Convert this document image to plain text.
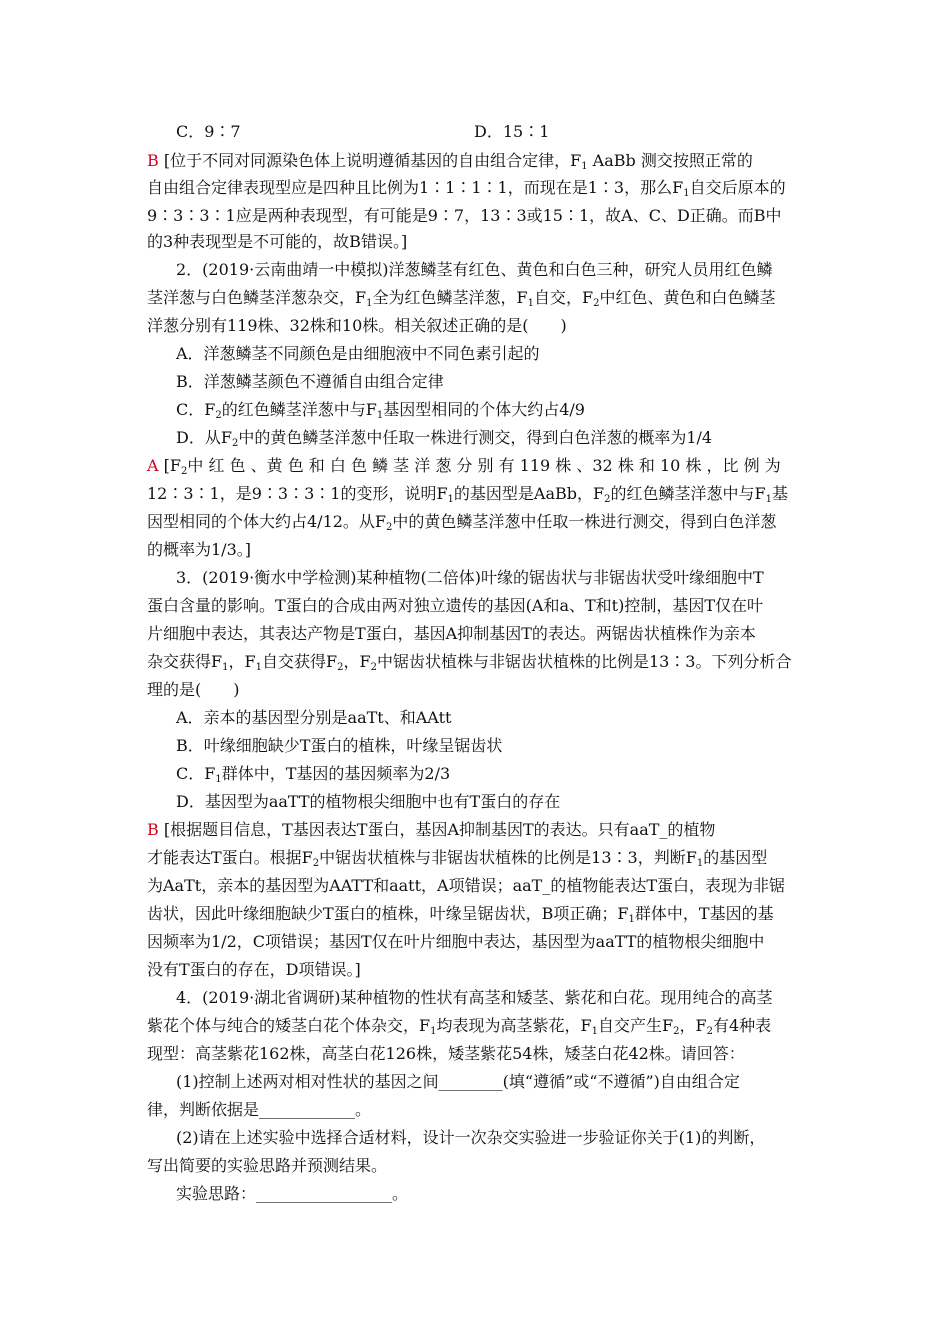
C．9∶7
B [位于不同对同源染色体上说明遵循基因的自由组合定律，$F_1$ AaBb 测交按照正常的
自由组合定律表现型应是四种且比例为1∶1∶1∶1，而现在是1∶3，那么$F_1$自交后原本的
9∶3∶3∶1应是两种表现型，有可能是9∶7，13∶3或15∶1，故A、C、D正确。而B中
的3种表现型是不可能的，故B错误。]
2．(2019·云南曲靖一中模拟)洋葱鳞茎有红色、黄色和白色三种，研究人员用红色鳞
茎洋葱与白色鳞茎洋葱杂交，$F_1$全为红色鳞茎洋葱，$F_1$自交，$F_2$中红色、黄色和白色鳞茎
洋葱分别有119株、32株和10株。相关叙述正确的是(　　)
A．洋葱鳞茎不同颜色是由细胞液中不同色素引起的
B．洋葱鳞茎颜色不遵循自由组合定律
C．$F_2$的红色鳞茎洋葱中与$F_1$基因型相同的个体大约占4/9
D．从$F_2$中的黄色鳞茎洋葱中任取一株进行测交，得到白色洋葱的概率为1/4
A [$F_2$中 红 色 、黄 色 和 白 色 鳞 茎 洋 葱 分 别 有 119 株 、32 株 和 10 株 ，比 例 为
12∶3∶1，是9∶3∶3∶1的变形，说明$F_1$的基因型是AaBb，$F_2$的红色鳞茎洋葱中与$F_1$基
因型相同的个体大约占4/12。从$F_2$中的黄色鳞茎洋葱中任取一株进行测交，得到白色洋葱
的概率为1/3。]
3．(2019·衡水中学检测)某种植物(二倍体)叶缘的锯齿状与非锯齿状受叶缘细胞中T
蛋白含量的影响。T蛋白的合成由两对独立遗传的基因(A和a、T和t)控制，基因T仅在叶
片细胞中表达，其表达产物是T蛋白，基因A抑制基因T的表达。两锯齿状植株作为亲本
杂交获得$F_1$，$F_1$自交获得$F_2$，$F_2$中锯齿状植株与非锯齿状植株的比例是13∶3。下列分析合
理的是(　　)
A．亲本的基因型分别是aaTt、和AAtt
B．叶缘细胞缺少T蛋白的植株，叶缘呈锯齿状
C．$F_1$群体中，T基因的基因频率为2/3
D．基因型为aaTT的植物根尖细胞中也有T蛋白的存在
B [根据题目信息，T基因表达T蛋白，基因A抑制基因T的表达。只有aaT_的植物
才能表达T蛋白。根据$F_2$中锯齿状植株与非锯齿状植株的比例是13∶3，判断$F_1$的基因型
为AaTt，亲本的基因型为AATT和aatt，A项错误；aaT_的植物能表达T蛋白，表现为非锯
齿状，因此叶缘细胞缺少T蛋白的植株，叶缘呈锯齿状，B项正确；$F_1$群体中，T基因的基
因频率为1/2，C项错误；基因T仅在叶片细胞中表达，基因型为aaTT的植物根尖细胞中
没有T蛋白的存在，D项错误。]
4．(2019·湖北省调研)某种植物的性状有高茎和矮茎、紫花和白花。现用纯合的高茎
紫花个体与纯合的矮茎白花个体杂交，$F_1$均表现为高茎紫花，$F_1$自交产生$F_2$，$F_2$有4种表
现型：高茎紫花162株，高茎白花126株，矮茎紫花54株，矮茎白花42株。请回答：
(1)控制上述两对相对性状的基因之间________(填“遵循”或“不遵循”)自由组合定
律，判断依据是____________。
(2)请在上述实验中选择合适材料，设计一次杂交实验进一步验证你关于(1)的判断，
写出简要的实验思路并预测结果。
实验思路：_________________。
D．15∶1
